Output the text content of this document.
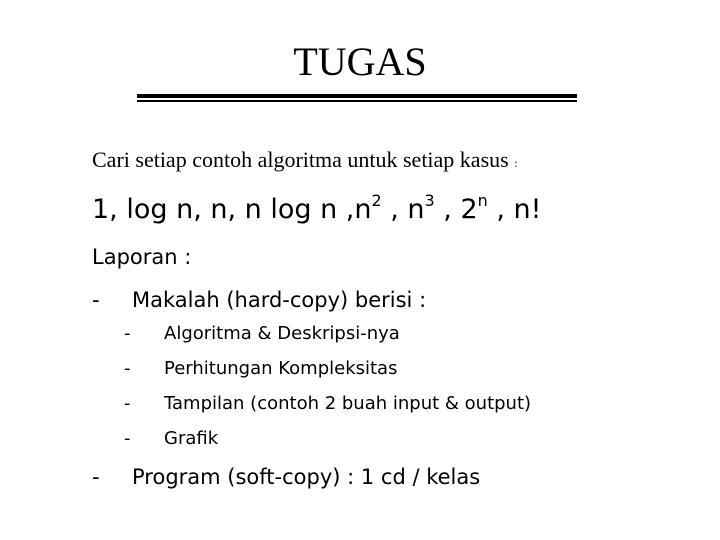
TUGAS
Cari setiap contoh algoritma untuk setiap kasus :
1, log n, n, n log n $,n^2$ , $n^3$ , 2$^n$ , n!
Laporan :
- Makalah (hard-copy) berisi :
- Algoritma & Deskripsi-nya
- Perhitungan Kompleksitas
- Tampilan (contoh 2 buah input & output)
- Grafik
- Program (soft-copy) : 1 cd / kelas
